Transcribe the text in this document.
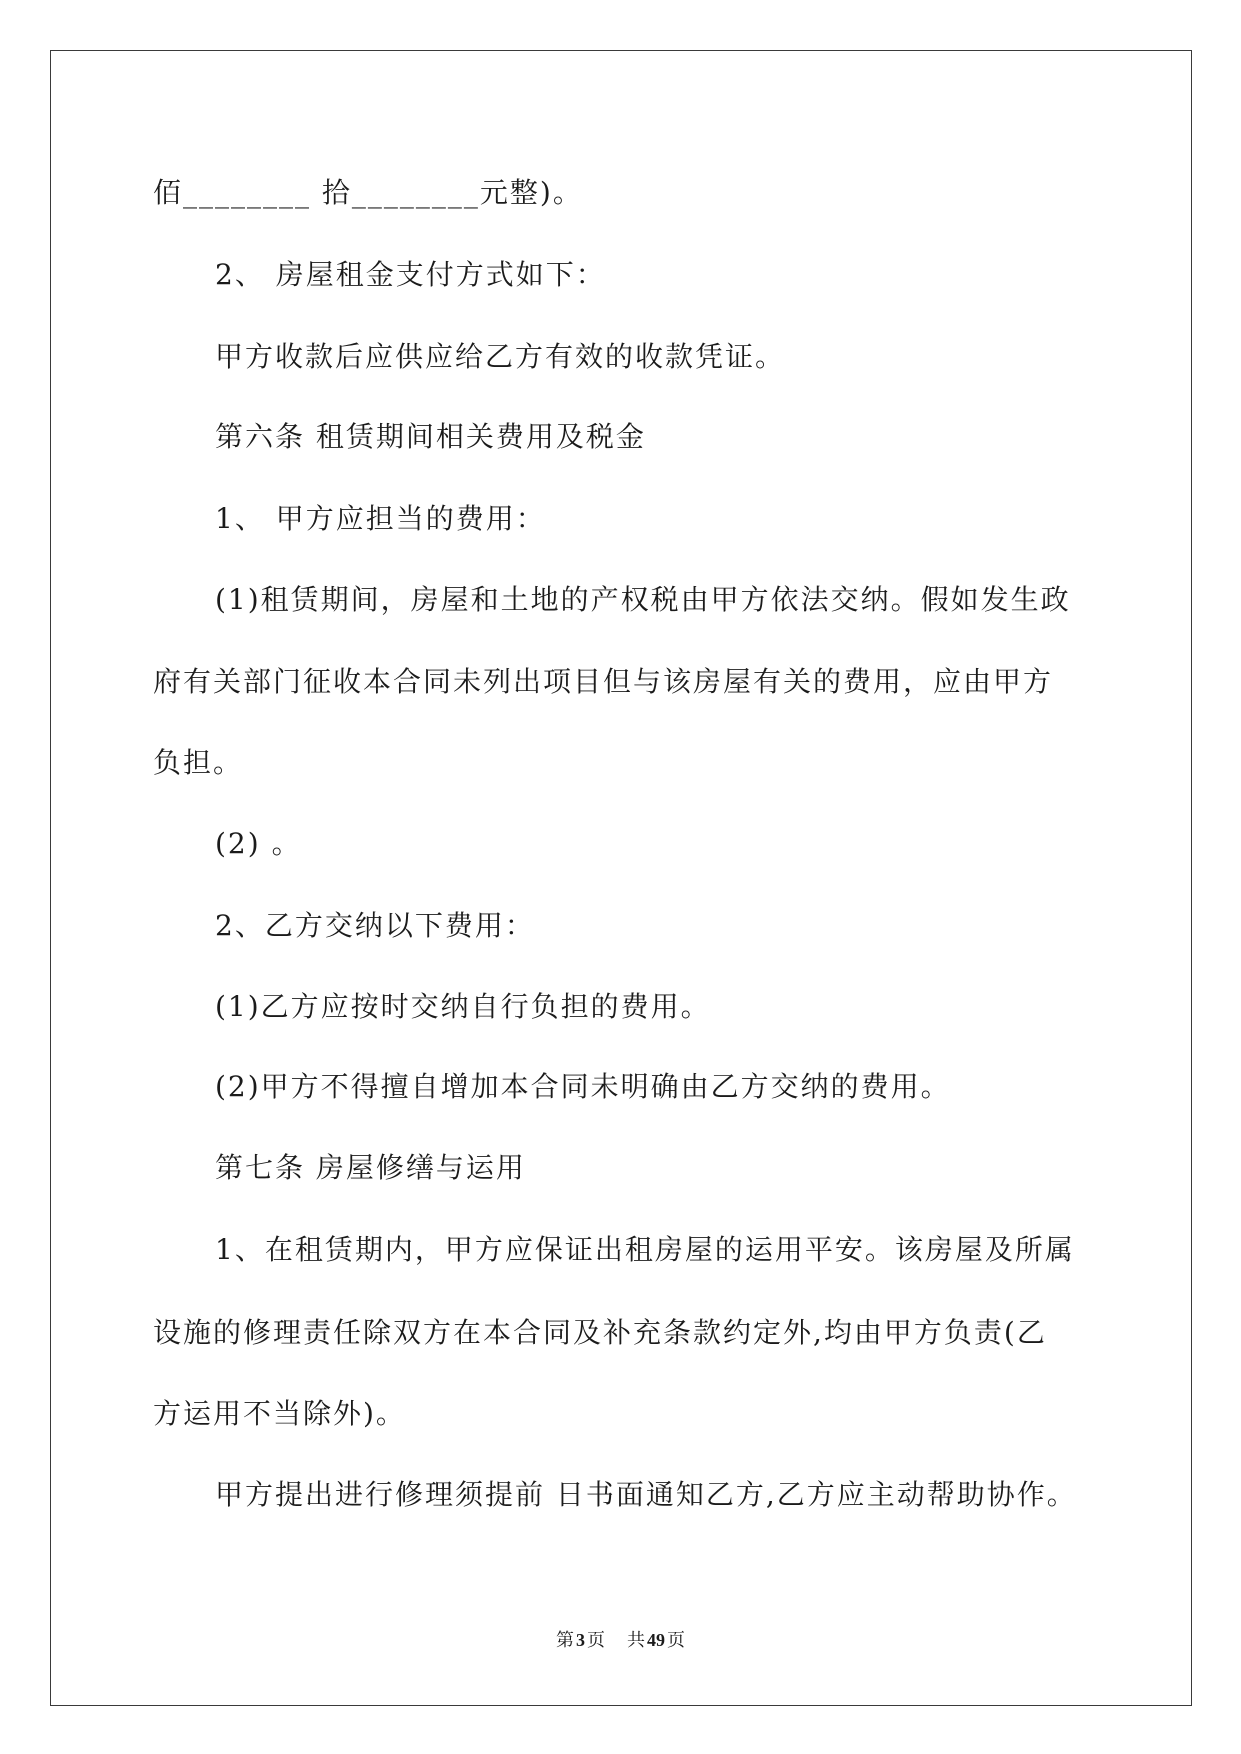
佰________ 拾________元整)。
2、 房屋租金支付方式如下：
甲方收款后应供应给乙方有效的收款凭证。
第六条 租赁期间相关费用及税金
1、 甲方应担当的费用：
(1)租赁期间，房屋和土地的产权税由甲方依法交纳。假如发生政
府有关部门征收本合同未列出项目但与该房屋有关的费用，应由甲方
负担。
(2) 。
2、乙方交纳以下费用：
(1)乙方应按时交纳自行负担的费用。
(2)甲方不得擅自增加本合同未明确由乙方交纳的费用。
第七条 房屋修缮与运用
1、在租赁期内，甲方应保证出租房屋的运用平安。该房屋及所属
设施的修理责任除双方在本合同及补充条款约定外,均由甲方负责(乙
方运用不当除外)。
甲方提出进行修理须提前 日书面通知乙方,乙方应主动帮助协作。
第 3 页 共 49 页
